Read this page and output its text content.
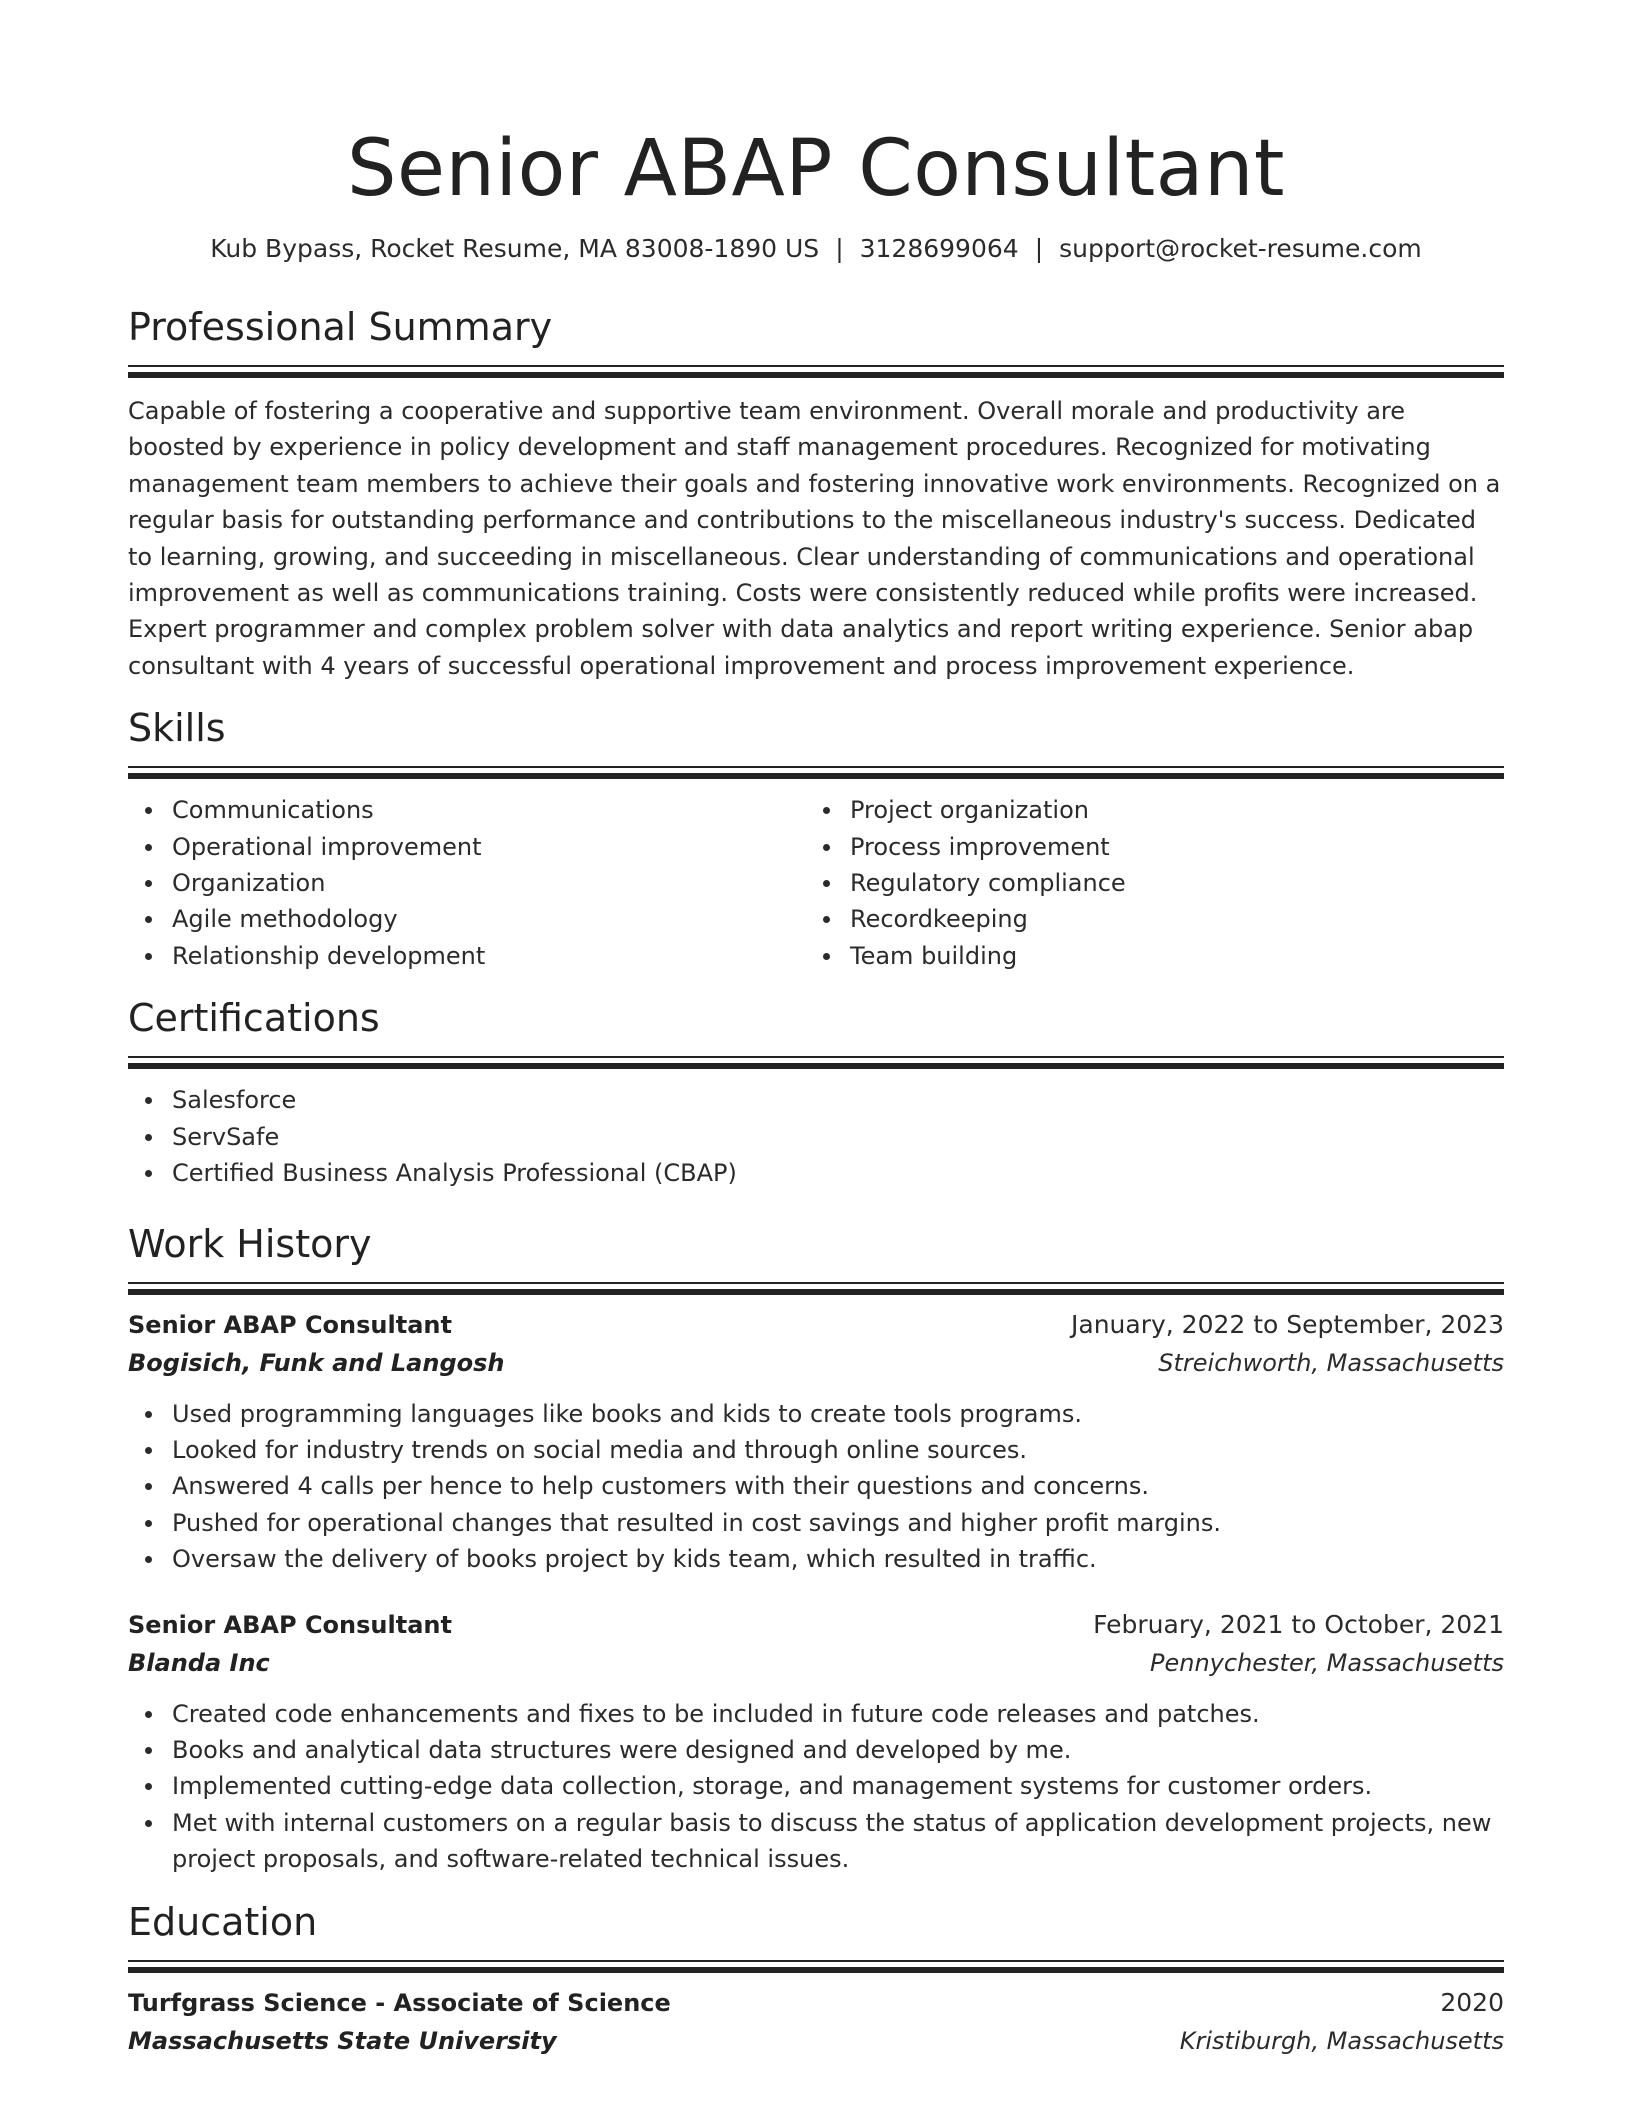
Senior ABAP Consultant
Kub Bypass, Rocket Resume, MA 83008-1890 US | 3128699064 | support@rocket-resume.com
Professional Summary

Capable of fostering a cooperative and supportive team environment. Overall morale and productivity are boosted by experience in policy development and staff management procedures. Recognized for motivating management team members to achieve their goals and fostering innovative work environments. Recognized on a regular basis for outstanding performance and contributions to the miscellaneous industry's success. Dedicated to learning, growing, and succeeding in miscellaneous. Clear understanding of communications and operational improvement as well as communications training. Costs were consistently reduced while profits were increased. Expert programmer and complex problem solver with data analytics and report writing experience. Senior abap consultant with 4 years of successful operational improvement and process improvement experience.

Skills
Communications
Operational improvement
Organization
Agile methodology
Relationship development
Project organization
Process improvement
Regulatory compliance
Recordkeeping
Team building
Certifications
Salesforce
ServSafe
Certified Business Analysis Professional (CBAP)
Work History
Senior ABAP Consultant	January, 2022 to September, 2023
Bogisich, Funk and Langosh	Streichworth, Massachusetts
Used programming languages like books and kids to create tools programs.
Looked for industry trends on social media and through online sources.
Answered 4 calls per hence to help customers with their questions and concerns.
Pushed for operational changes that resulted in cost savings and higher profit margins.
Oversaw the delivery of books project by kids team, which resulted in traffic.
Senior ABAP Consultant	February, 2021 to October, 2021
Blanda Inc	Pennychester, Massachusetts
Created code enhancements and fixes to be included in future code releases and patches.
Books and analytical data structures were designed and developed by me.
Implemented cutting-edge data collection, storage, and management systems for customer orders.
Met with internal customers on a regular basis to discuss the status of application development projects, new project proposals, and software-related technical issues.
Education
Turfgrass Science - Associate of Science	2020
Massachusetts State University	Kristiburgh, Massachusetts
